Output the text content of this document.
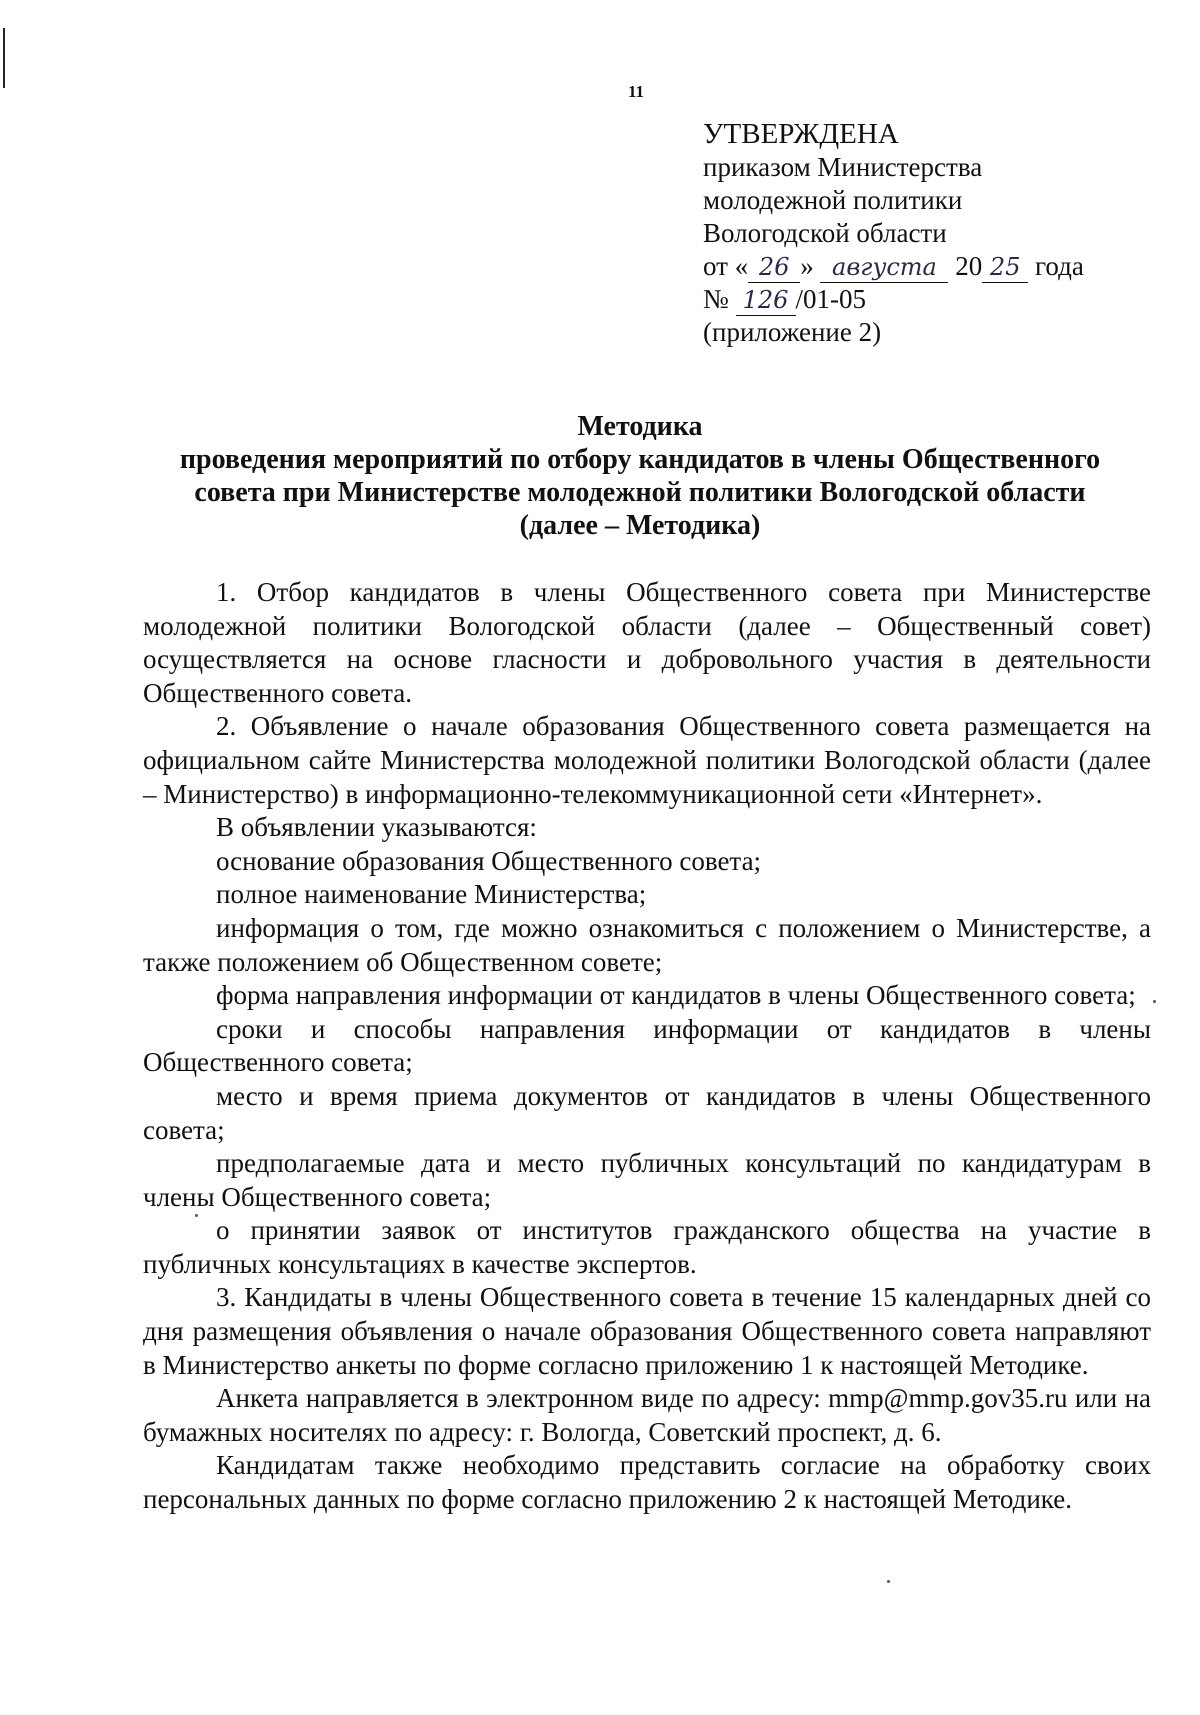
11
УТВЕРЖДЕНА
приказом Министерства
молодежной политики
Вологодской области
от « 26 » августа 20 25 года
№ 126 /01-05
(приложение 2)
Методика
проведения мероприятий по отбору кандидатов в члены Общественного
совета при Министерстве молодежной политики Вологодской области
(далее – Методика)

1. Отбор кандидатов в члены Общественного совета при Министерстве молодежной политики Вологодской области (далее – Общественный совет) осуществляется на основе гласности и добровольного участия в деятельности Общественного совета.

2. Объявление о начале образования Общественного совета размещается на официальном сайте Министерства молодежной политики Вологодской области (далее – Министерство) в информационно-телекоммуникационной сети «Интернет».

В объявлении указываются:

основание образования Общественного совета;

полное наименование Министерства;

информация о том, где можно ознакомиться с положением о Министерстве, а также положением об Общественном совете;

форма направления информации от кандидатов в члены Общественного совета;

сроки и способы направления информации от кандидатов в члены Общественного совета;

место и время приема документов от кандидатов в члены Общественного совета;

предполагаемые дата и место публичных консультаций по кандидатурам в члены Общественного совета;

о принятии заявок от институтов гражданского общества на участие в публичных консультациях в качестве экспертов.

3. Кандидаты в члены Общественного совета в течение 15 календарных дней со дня размещения объявления о начале образования Общественного совета направляют в Министерство анкеты по форме согласно приложению 1 к настоящей Методике.

Анкета направляется в электронном виде по адресу: mmp@mmp.gov35.ru или на бумажных носителях по адресу: г. Вологда, Советский проспект, д. 6.

Кандидатам также необходимо представить согласие на обработку своих персональных данных по форме согласно приложению 2 к настоящей Методике.
